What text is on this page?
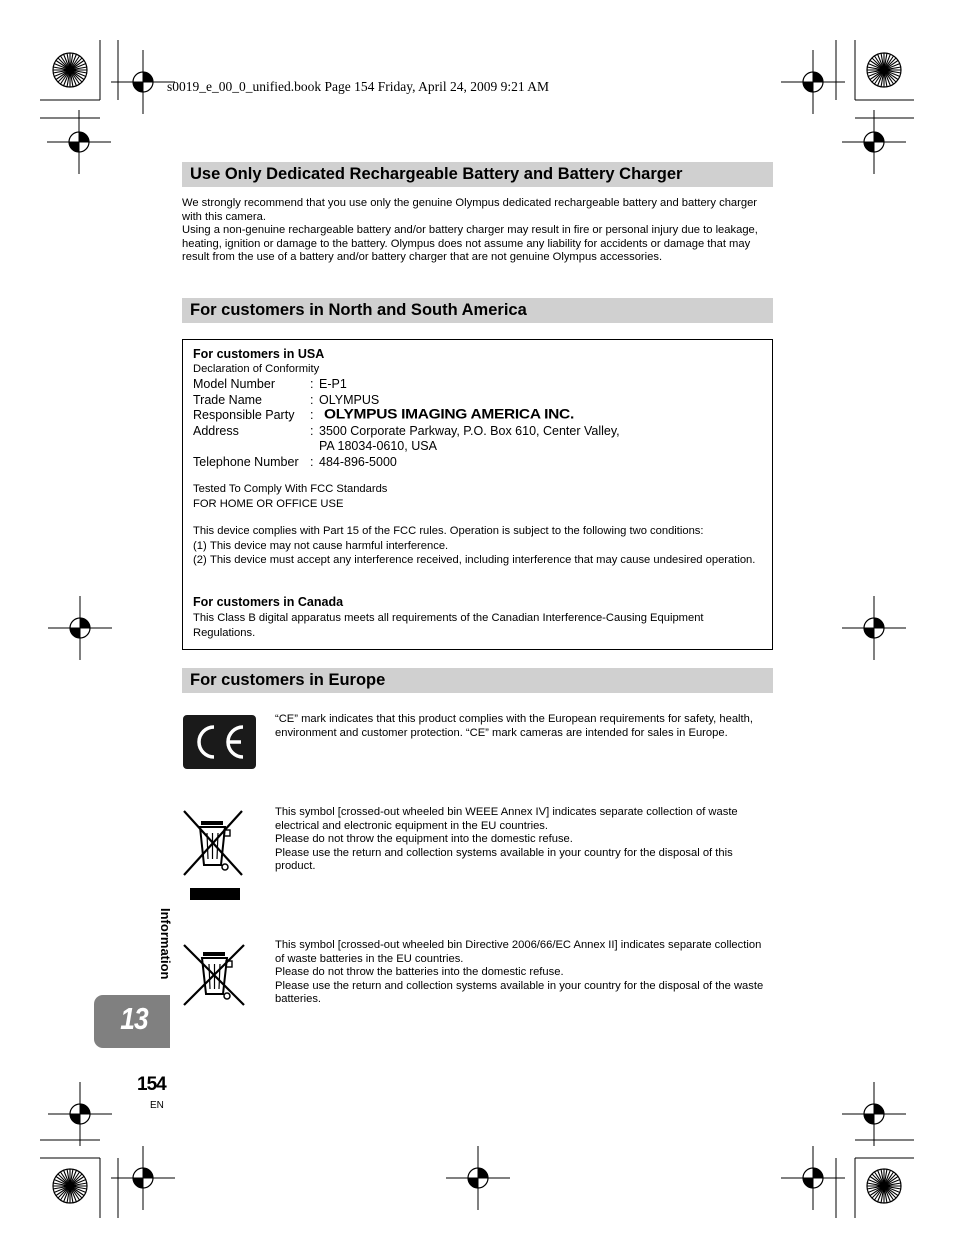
s0019_e_00_0_unified.book Page 154 Friday, April 24, 2009 9:21 AM
Use Only Dedicated Rechargeable Battery and Battery Charger
We strongly recommend that you use only the genuine Olympus dedicated rechargeable battery and battery charger with this camera.
Using a non-genuine rechargeable battery and/or battery charger may result in fire or personal injury due to leakage, heating, ignition or damage to the battery. Olympus does not assume any liability for accidents or damage that may result from the use of a battery and/or battery charger that are not genuine Olympus accessories.
For customers in North and South America
For customers in USA
Declaration of Conformity
Model Number	: E-P1
Trade Name	: OLYMPUS
Responsible Party : OLYMPUS IMAGING AMERICA INC.
Address	: 3500 Corporate Parkway, P.O. Box 610, Center Valley,
PA 18034-0610, USA
Telephone Number : 484-896-5000
Tested To Comply With FCC Standards
FOR HOME OR OFFICE USE
This device complies with Part 15 of the FCC rules. Operation is subject to the following two conditions:
(1) This device may not cause harmful interference.
(2) This device must accept any interference received, including interference that may cause undesired operation.
For customers in Canada
This Class B digital apparatus meets all requirements of the Canadian Interference-Causing Equipment Regulations.
For customers in Europe
“CE” mark indicates that this product complies with the European requirements for safety, health, environment and customer protection. “CE” mark cameras are intended for sales in Europe.
This symbol [crossed-out wheeled bin WEEE Annex IV] indicates separate collection of waste electrical and electronic equipment in the EU countries.
Please do not throw the equipment into the domestic refuse.
Please use the return and collection systems available in your country for the disposal of this product.
This symbol [crossed-out wheeled bin Directive 2006/66/EC Annex II] indicates separate collection of waste batteries in the EU countries.
Please do not throw the batteries into the domestic refuse.
Please use the return and collection systems available in your country for the disposal of the waste batteries.
Information
13
154
EN
